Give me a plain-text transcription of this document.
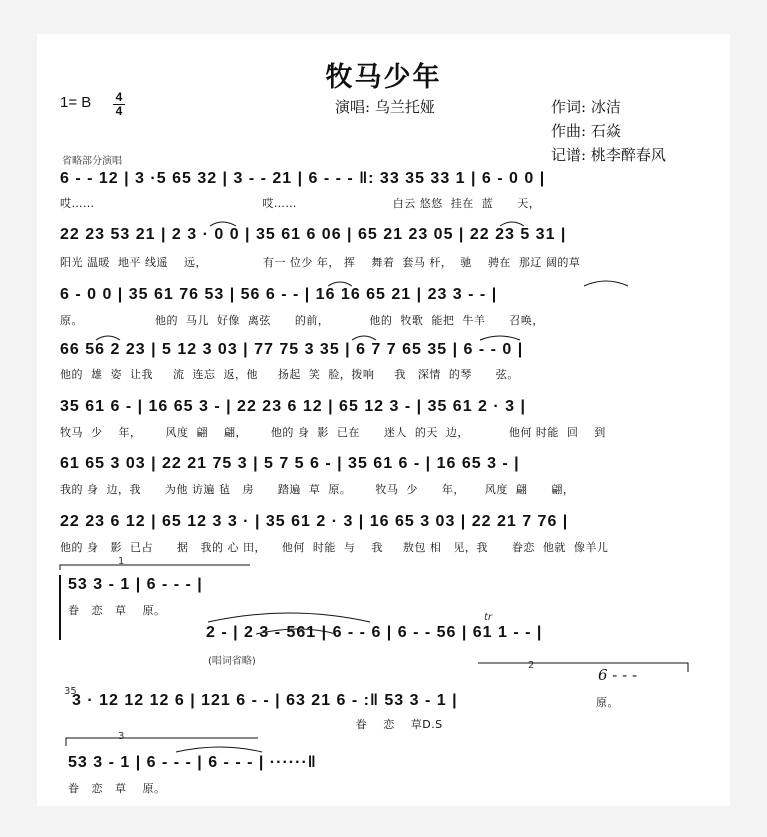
牧马少年
1= B 4
4	演唱: 乌兰托娅	作词: 冰洁
作曲: 石焱
记谱: 桃李醉春风
省略部分演唱
6 - - 12 | 3 ·5 65 32 | 3 - - 21 | 6 - - - ‖: 33 35 33 1 | 6 - 0 0 |
哎……                                          哎……                        白云 悠悠  挂在  蓝      天，
22 23 53 21 | 2 3 · 0 0 | 35 61 6 06 | 65 21 23 05 | 22 23 5 31 |
阳光 温暖  地平 线遥    远，              有一 位少 年， 挥    舞着  套马 杆，  驰    骋在  那辽 阔的草
6 - 0 0 | 35 61 76 53 | 56 6 - - | 16 16 65 21 | 23 3 - - |
原。                  他的  马儿  好像  离弦      的前，          他的  牧歌  能把  牛羊      召唤，
66 56 2 23 | 5 12 3 03 | 77 75 3 35 | 6 7 7 65 35 | 6 - - 0 |
他的  雄  姿  让我     流  连忘  返，他     扬起  笑  脸，拨响     我   深情  的琴      弦。
35 61 6 - | 16 65 3 - | 22 23 6 12 | 65 12 3 - | 35 61 2 · 3 |
牧马  少    年，      风度  翩    翩，      他的 身  影  已在      迷人  的天  边，          他何 时能  回    到
61 65 3 03 | 22 21 75 3 | 5 7 5 6 - | 35 61 6 - | 16 65 3 - |
我的 身  边，我      为他 访遍 毡   房      踏遍  草  原。      牧马  少      年，     风度  翩      翩，
22 23 6 12 | 65 12 3 3 · | 35 61 2 · 3 | 16 65 3 03 | 22 21 7 76 |
他的 身   影  已占      据   我的 心 田，    他何  时能  与    我     敖包 相   见，我      眷恋  他就  像羊儿
1
53 3 - 1 | 6 - - - |
眷   恋   草    原。
2 - | 2 3 - 561 | 6 - - 6 | 6 - - 56 | 61 1 - - |
(唱词省略)
tr
2
6 - - -
原。
35
3 · 12 12 12 6 | 121 6 - - | 63 21 6 - :‖ 53 3 - 1 |
眷    恋    草D.S
3
53 3 - 1 | 6 - - - | 6 - - - | ······‖
眷   恋   草    原。
